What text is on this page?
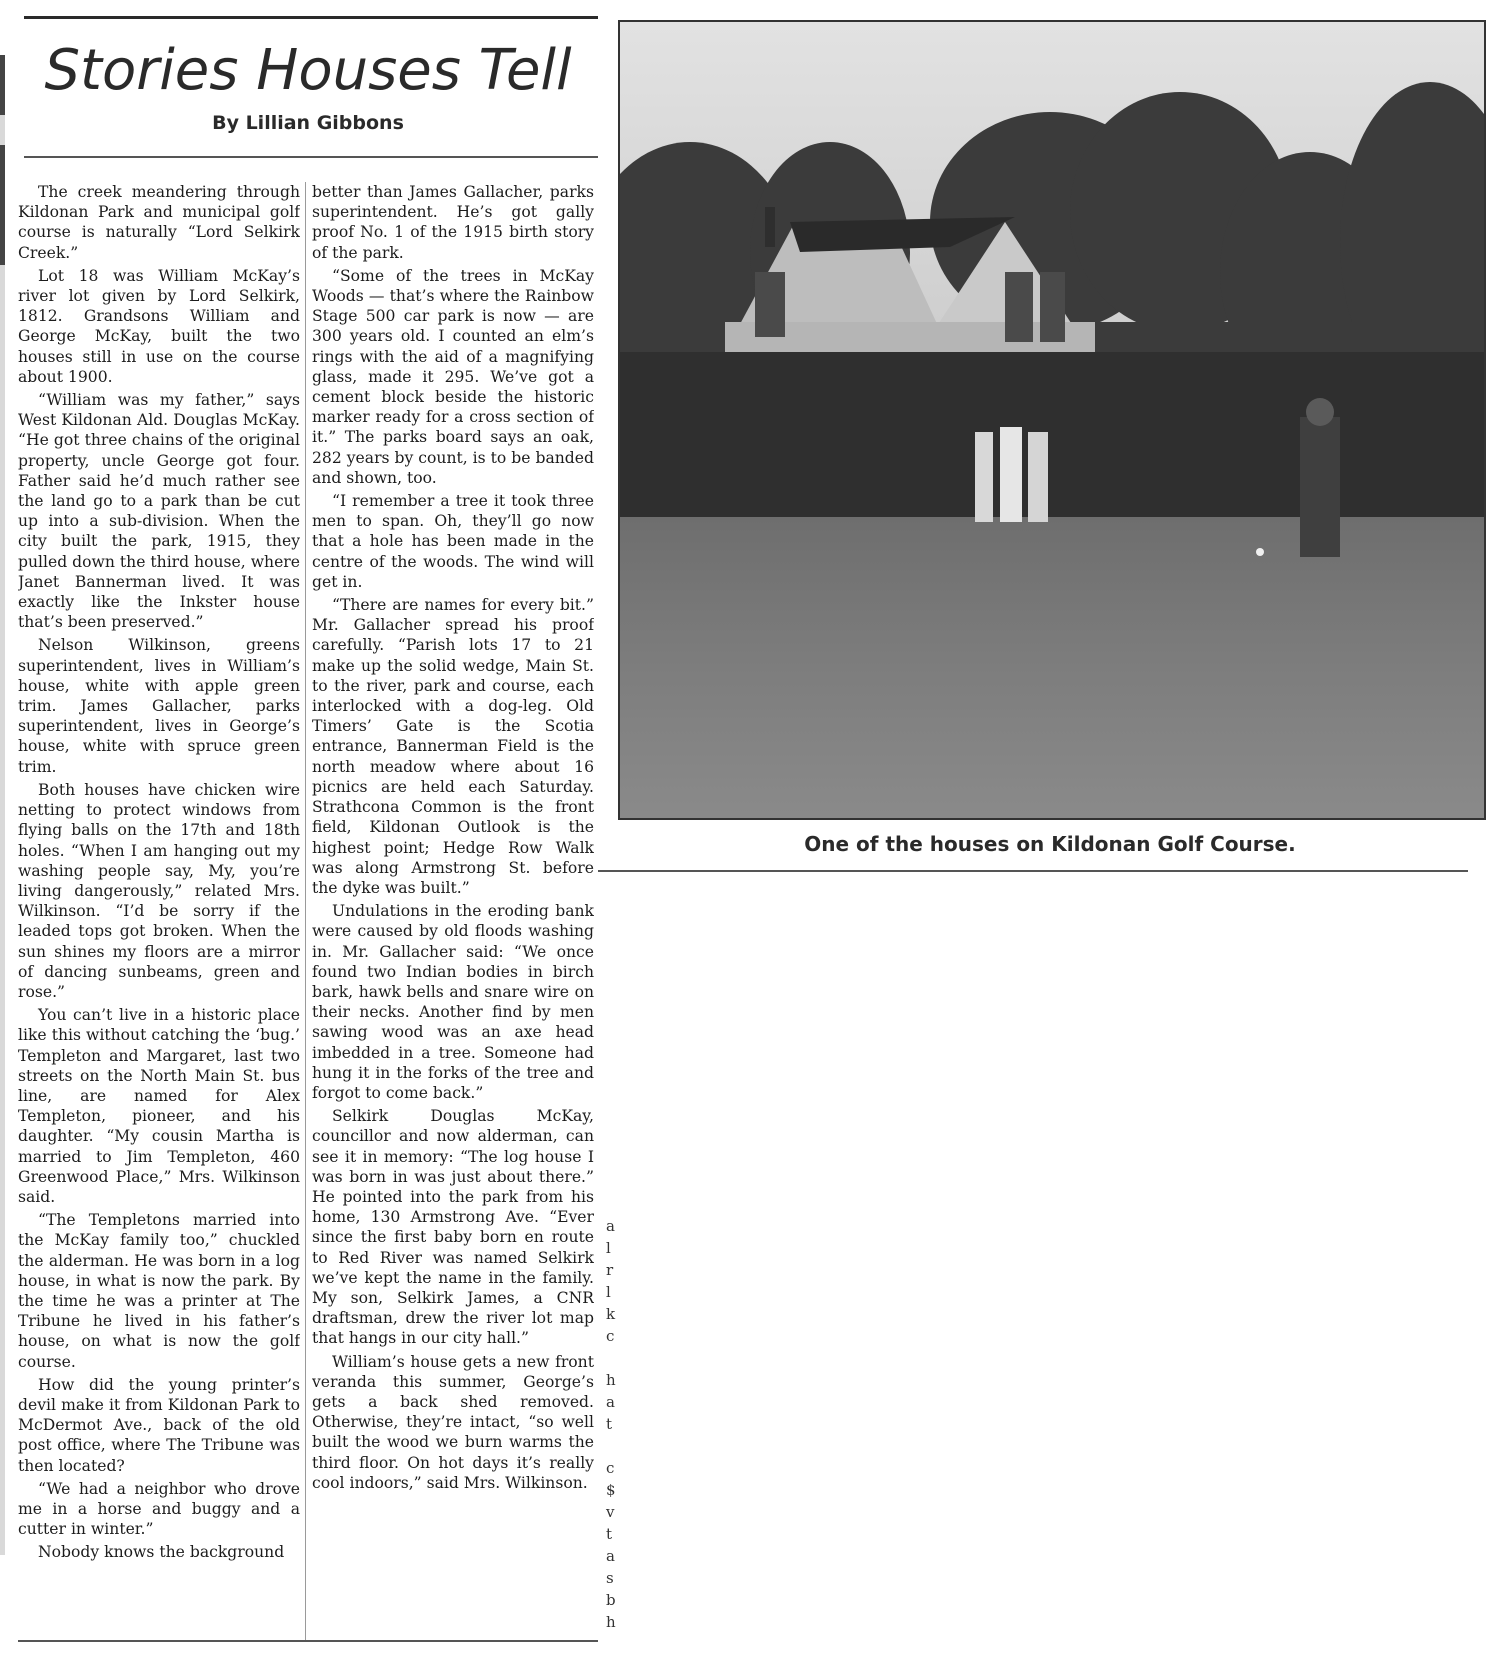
Stories Houses Tell
By Lillian Gibbons

The creek meandering through Kildonan Park and municipal golf course is naturally “Lord Selkirk Creek.”

Lot 18 was William McKay’s river lot given by Lord Selkirk, 1812. Grandsons William and George McKay, built the two houses still in use on the course about 1900.

“William was my father,” says West Kildonan Ald. Douglas McKay. “He got three chains of the original property, uncle George got four. Father said he’d much rather see the land go to a park than be cut up into a sub-division. When the city built the park, 1915, they pulled down the third house, where Janet Bannerman lived. It was exactly like the Inkster house that’s been preserved.”

Nelson Wilkinson, greens superintendent, lives in William’s house, white with apple green trim. James Gallacher, parks superintendent, lives in George’s house, white with spruce green trim.

Both houses have chicken wire netting to protect windows from flying balls on the 17th and 18th holes. “When I am hanging out my washing people say, My, you’re living dangerously,” related Mrs. Wilkinson. “I’d be sorry if the leaded tops got broken. When the sun shines my floors are a mirror of dancing sunbeams, green and rose.”

You can’t live in a historic place like this without catching the ‘bug.’ Templeton and Margaret, last two streets on the North Main St. bus line, are named for Alex Templeton, pioneer, and his daughter. “My cousin Martha is married to Jim Templeton, 460 Greenwood Place,” Mrs. Wilkinson said.

“The Templetons married into the McKay family too,” chuckled the alderman. He was born in a log house, in what is now the park. By the time he was a printer at The Tribune he lived in his father’s house, on what is now the golf course.

How did the young printer’s devil make it from Kildonan Park to McDermot Ave., back of the old post office, where The Tribune was then located?

“We had a neighbor who drove me in a horse and buggy and a cutter in winter.”

Nobody knows the background

better than James Gallacher, parks superintendent. He’s got gally proof No. 1 of the 1915 birth story of the park.

“Some of the trees in McKay Woods — that’s where the Rainbow Stage 500 car park is now — are 300 years old. I counted an elm’s rings with the aid of a magnifying glass, made it 295. We’ve got a cement block beside the historic marker ready for a cross section of it.” The parks board says an oak, 282 years by count, is to be banded and shown, too.

“I remember a tree it took three men to span. Oh, they’ll go now that a hole has been made in the centre of the woods. The wind will get in.

“There are names for every bit.” Mr. Gallacher spread his proof carefully. “Parish lots 17 to 21 make up the solid wedge, Main St. to the river, park and course, each interlocked with a dog-leg. Old Timers’ Gate is the Scotia entrance, Bannerman Field is the north meadow where about 16 picnics are held each Saturday. Strathcona Common is the front field, Kildonan Outlook is the highest point; Hedge Row Walk was along Armstrong St. before the dyke was built.”

Undulations in the eroding bank were caused by old floods washing in. Mr. Gallacher said: “We once found two Indian bodies in birch bark, hawk bells and snare wire on their necks. Another find by men sawing wood was an axe head imbedded in a tree. Someone had hung it in the forks of the tree and forgot to come back.”

Selkirk Douglas McKay, councillor and now alderman, can see it in memory: “The log house I was born in was just about there.” He pointed into the park from his home, 130 Armstrong Ave. “Ever since the first baby born en route to Red River was named Selkirk we’ve kept the name in the family. My son, Selkirk James, a CNR draftsman, drew the river lot map that hangs in our city hall.”

William’s house gets a new front veranda this summer, George’s gets a back shed removed. Otherwise, they’re intact, “so well built the wood we burn warms the third floor. On hot days it’s really cool indoors,” said Mrs. Wilkinson.

One of the houses on Kildonan Golf Course.
a
l
r
l
k
c
h
a
t
c
$
v
t
a
s
b
h
